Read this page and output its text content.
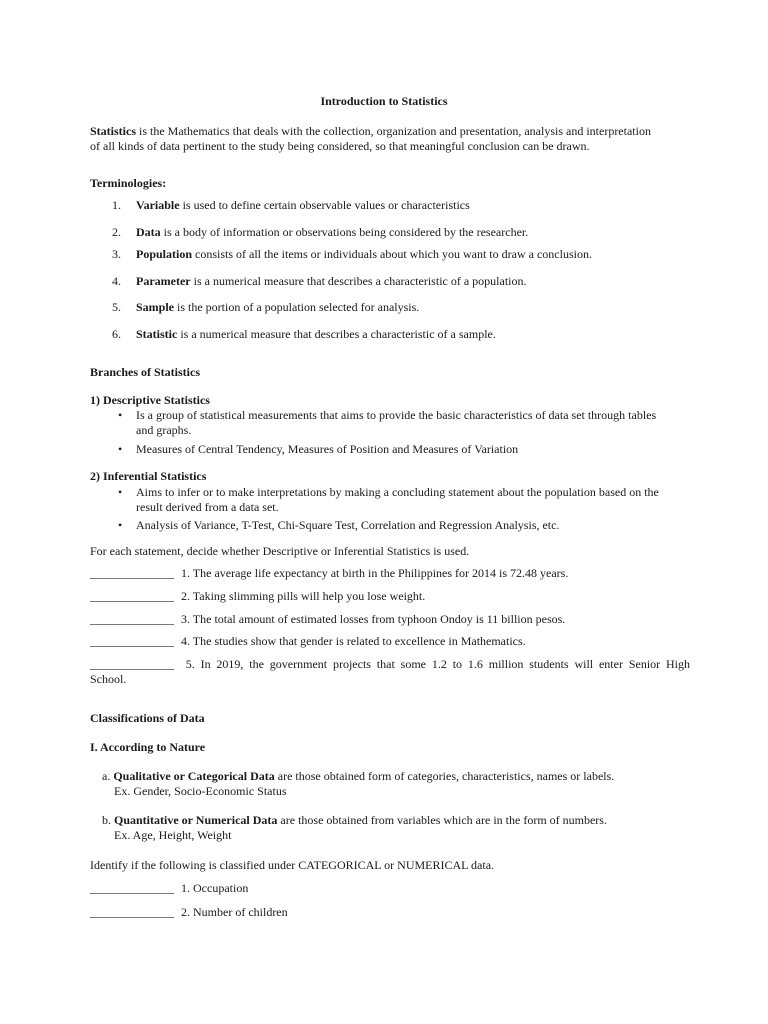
Introduction to Statistics
Statistics is the Mathematics that deals with the collection, organization and presentation, analysis and interpretation
of all kinds of data pertinent to the study being considered, so that meaningful conclusion can be drawn.
Terminologies:
1. Variable is used to define certain observable values or characteristics
2. Data is a body of information or observations being considered by the researcher.
3. Population consists of all the items or individuals about which you want to draw a conclusion.
4. Parameter is a numerical measure that describes a characteristic of a population.
5. Sample is the portion of a population selected for analysis.
6. Statistic is a numerical measure that describes a characteristic of a sample.
Branches of Statistics
1) Descriptive Statistics
• Is a group of statistical measurements that aims to provide the basic characteristics of data set through tables
and graphs.
• Measures of Central Tendency, Measures of Position and Measures of Variation
2) Inferential Statistics
• Aims to infer or to make interpretations by making a concluding statement about the population based on the
result derived from a data set.
• Analysis of Variance, T-Test, Chi-Square Test, Correlation and Regression Analysis, etc.
For each statement, decide whether Descriptive or Inferential Statistics is used.
______________ 1. The average life expectancy at birth in the Philippines for 2014 is 72.48 years.
______________ 2. Taking slimming pills will help you lose weight.
______________ 3. The total amount of estimated losses from typhoon Ondoy is 11 billion pesos.
______________ 4. The studies show that gender is related to excellence in Mathematics.
______________ 5. In 2019, the government projects that some 1.2 to 1.6 million students will enter Senior High
School.
Classifications of Data
I. According to Nature
a. Qualitative or Categorical Data are those obtained form of categories, characteristics, names or labels.
Ex. Gender, Socio-Economic Status
b. Quantitative or Numerical Data are those obtained from variables which are in the form of numbers.
Ex. Age, Height, Weight
Identify if the following is classified under CATEGORICAL or NUMERICAL data.
______________ 1. Occupation
______________ 2. Number of children
